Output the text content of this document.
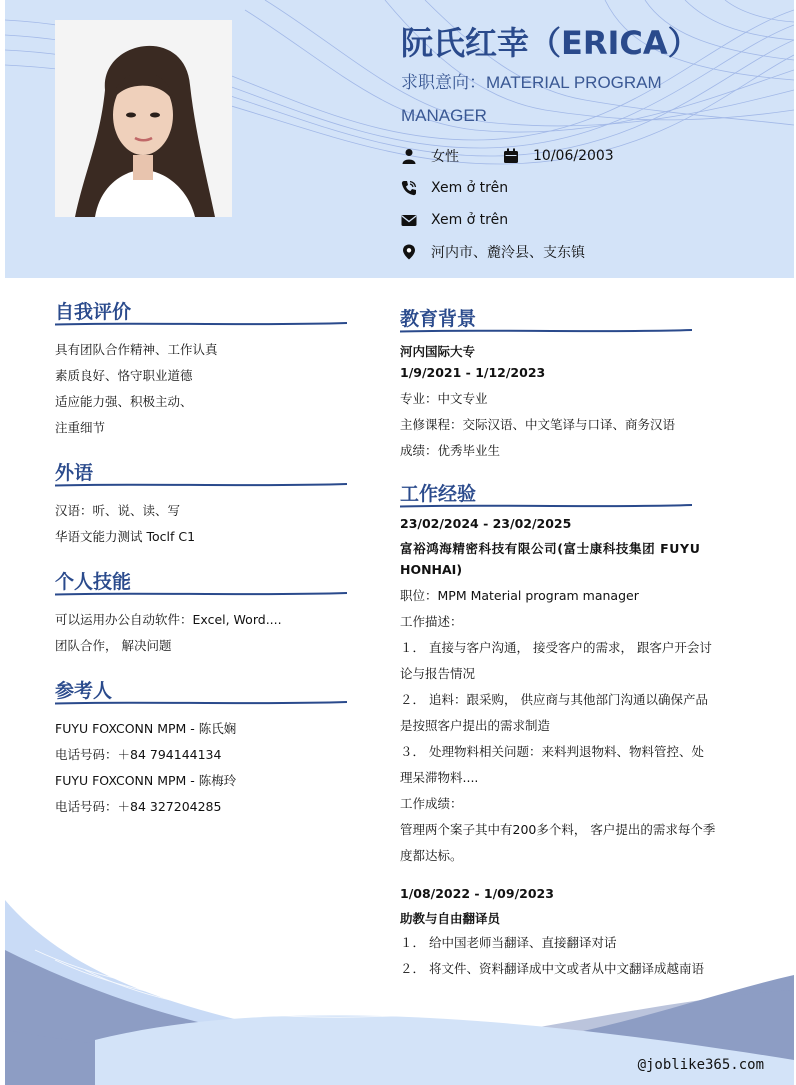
阮氏红幸（ERICA）
求职意向：MATERIAL PROGRAM MANAGER
女性	10/06/2003
Xem ở trên
Xem ở trên
河内市、麊泠县、支东镇
自我评价
具有团队合作精神、工作认真
素质良好、恪守职业道德
适应能力强、积极主动、
注重细节
外语
汉语：听、说、读、写
华语文能力测试 Toclf C1
个人技能
可以运用办公自动软件：Excel, Word....
团队合作， 解决问题
参考人
FUYU FOXCONN MPM - 陈氏娴
电话号码：＋84 794144134
FUYU FOXCONN MPM - 陈梅玲
电话号码：＋84 327204285
教育背景
河内国际大专
1/9/2021 - 1/12/2023
专业：中文专业
主修课程：交际汉语、中文笔译与口译、商务汉语
成绩：优秀毕业生
工作经验
23/02/2024 - 23/02/2025
富裕鸿海精密科技有限公司(富士康科技集团 FUYU
HONHAI)
职位：MPM Material program manager
工作描述：
１． 直接与客户沟通， 接受客户的需求， 跟客户开会讨
论与报告情况
２． 追料：跟采购， 供应商与其他部门沟通以确保产品
是按照客户提出的需求制造
３． 处理物料相关问题：来料判退物料、物料管控、处
理呆滞物料....
工作成绩：
管理两个案子其中有200多个料， 客户提出的需求每个季
度都达标。
1/08/2022 - 1/09/2023
助教与自由翻译员
１． 给中国老师当翻译、直接翻译对话
２． 将文件、资料翻译成中文或者从中文翻译成越南语
@joblike365.com
